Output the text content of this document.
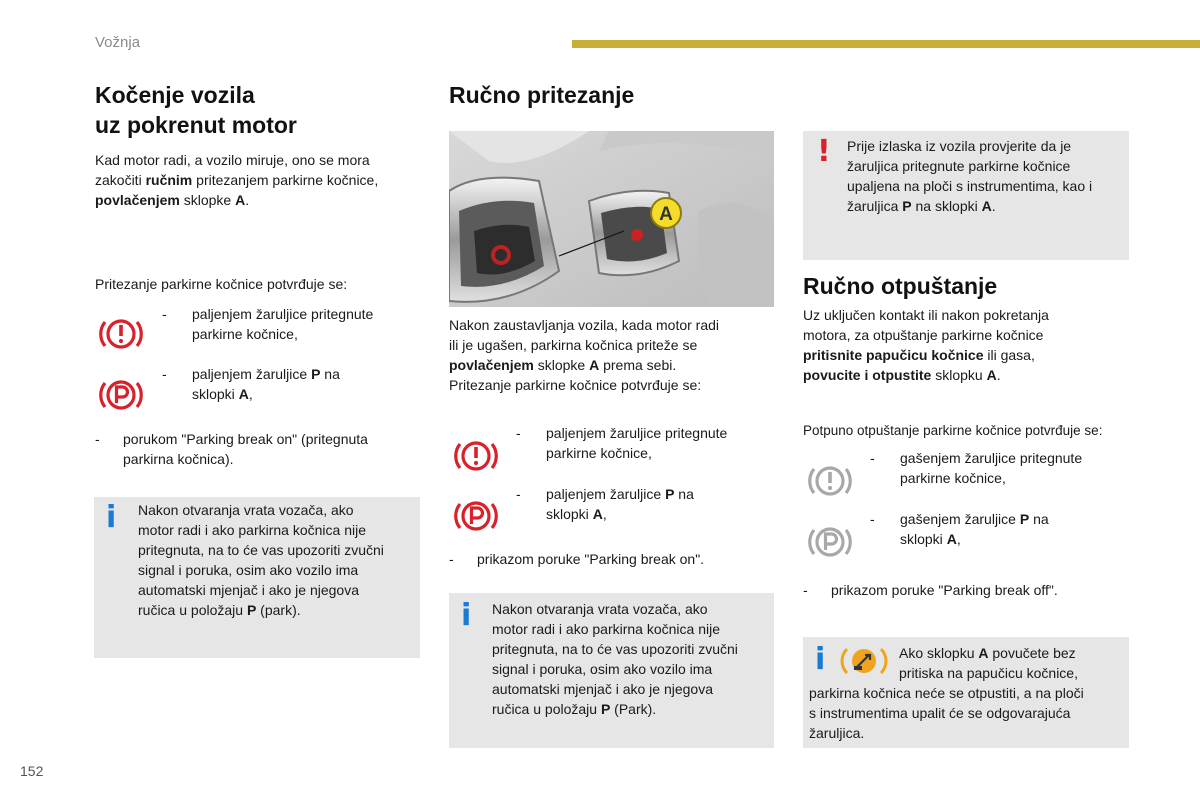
Vožnja
Kočenje vozila
uz pokrenut motor
Kad motor radi, a vozilo miruje, ono se mora
zakočiti ručnim pritezanjem parkirne kočnice,
povlačenjem sklopke A.
Pritezanje parkirne kočnice potvrđuje se:
- paljenjem žaruljice pritegnute
parkirne kočnice,
- paljenjem žaruljice P na
sklopki A,
- porukom "Parking break on" (pritegnuta
parkirna kočnica).
i Nakon otvaranja vrata vozača, ako
motor radi i ako parkirna kočnica nije
pritegnuta, na to će vas upozoriti zvučni
signal i poruka, osim ako vozilo ima
automatski mjenjač i ako je njegova
ručica u položaju P (park).
Ručno pritezanje
A
Nakon zaustavljanja vozila, kada motor radi
ili je ugašen, parkirna kočnica priteže se
povlačenjem sklopke A prema sebi.
Pritezanje parkirne kočnice potvrđuje se:
- paljenjem žaruljice pritegnute
parkirne kočnice,
- paljenjem žaruljice P na
sklopki A,
- prikazom poruke "Parking break on".
i Nakon otvaranja vrata vozača, ako
motor radi i ako parkirna kočnica nije
pritegnuta, na to će vas upozoriti zvučni
signal i poruka, osim ako vozilo ima
automatski mjenjač i ako je njegova
ručica u položaju P (Park).
! Prije izlaska iz vozila provjerite da je
žaruljica pritegnute parkirne kočnice
upaljena na ploči s instrumentima, kao i
žaruljica P na sklopki A.
Ručno otpuštanje
Uz uključen kontakt ili nakon pokretanja
motora, za otpuštanje parkirne kočnice
pritisnite papučicu kočnice ili gasa,
povucite i otpustite sklopku A.
Potpuno otpuštanje parkirne kočnice potvrđuje se:
- gašenjem žaruljice pritegnute
parkirne kočnice,
- gašenjem žaruljice P na
sklopki A,
- prikazom poruke "Parking break off".
i	Ako sklopku A povučete bez
pritiska na papučicu kočnice,
parkirna kočnica neće se otpustiti, a na ploči
s instrumentima upalit će se odgovarajuća
žaruljica.
152
